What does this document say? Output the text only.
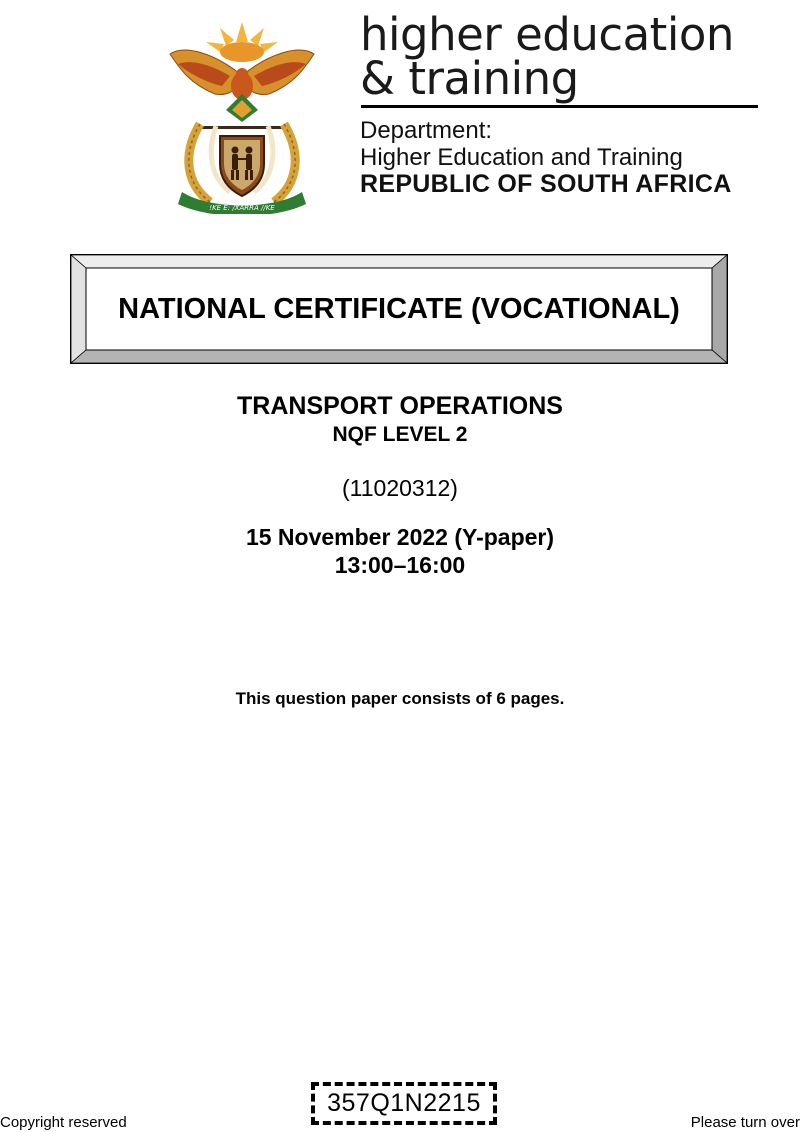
!KE E: /XARRA //KE
higher education
& training
Department:
Higher Education and Training
REPUBLIC OF SOUTH AFRICA
NATIONAL CERTIFICATE (VOCATIONAL)
TRANSPORT OPERATIONS
NQF LEVEL 2
(11020312)
15 November 2022 (Y-paper)
13:00–16:00
This question paper consists of 6 pages.
Copyright reserved
357Q1N2215
Please turn over
